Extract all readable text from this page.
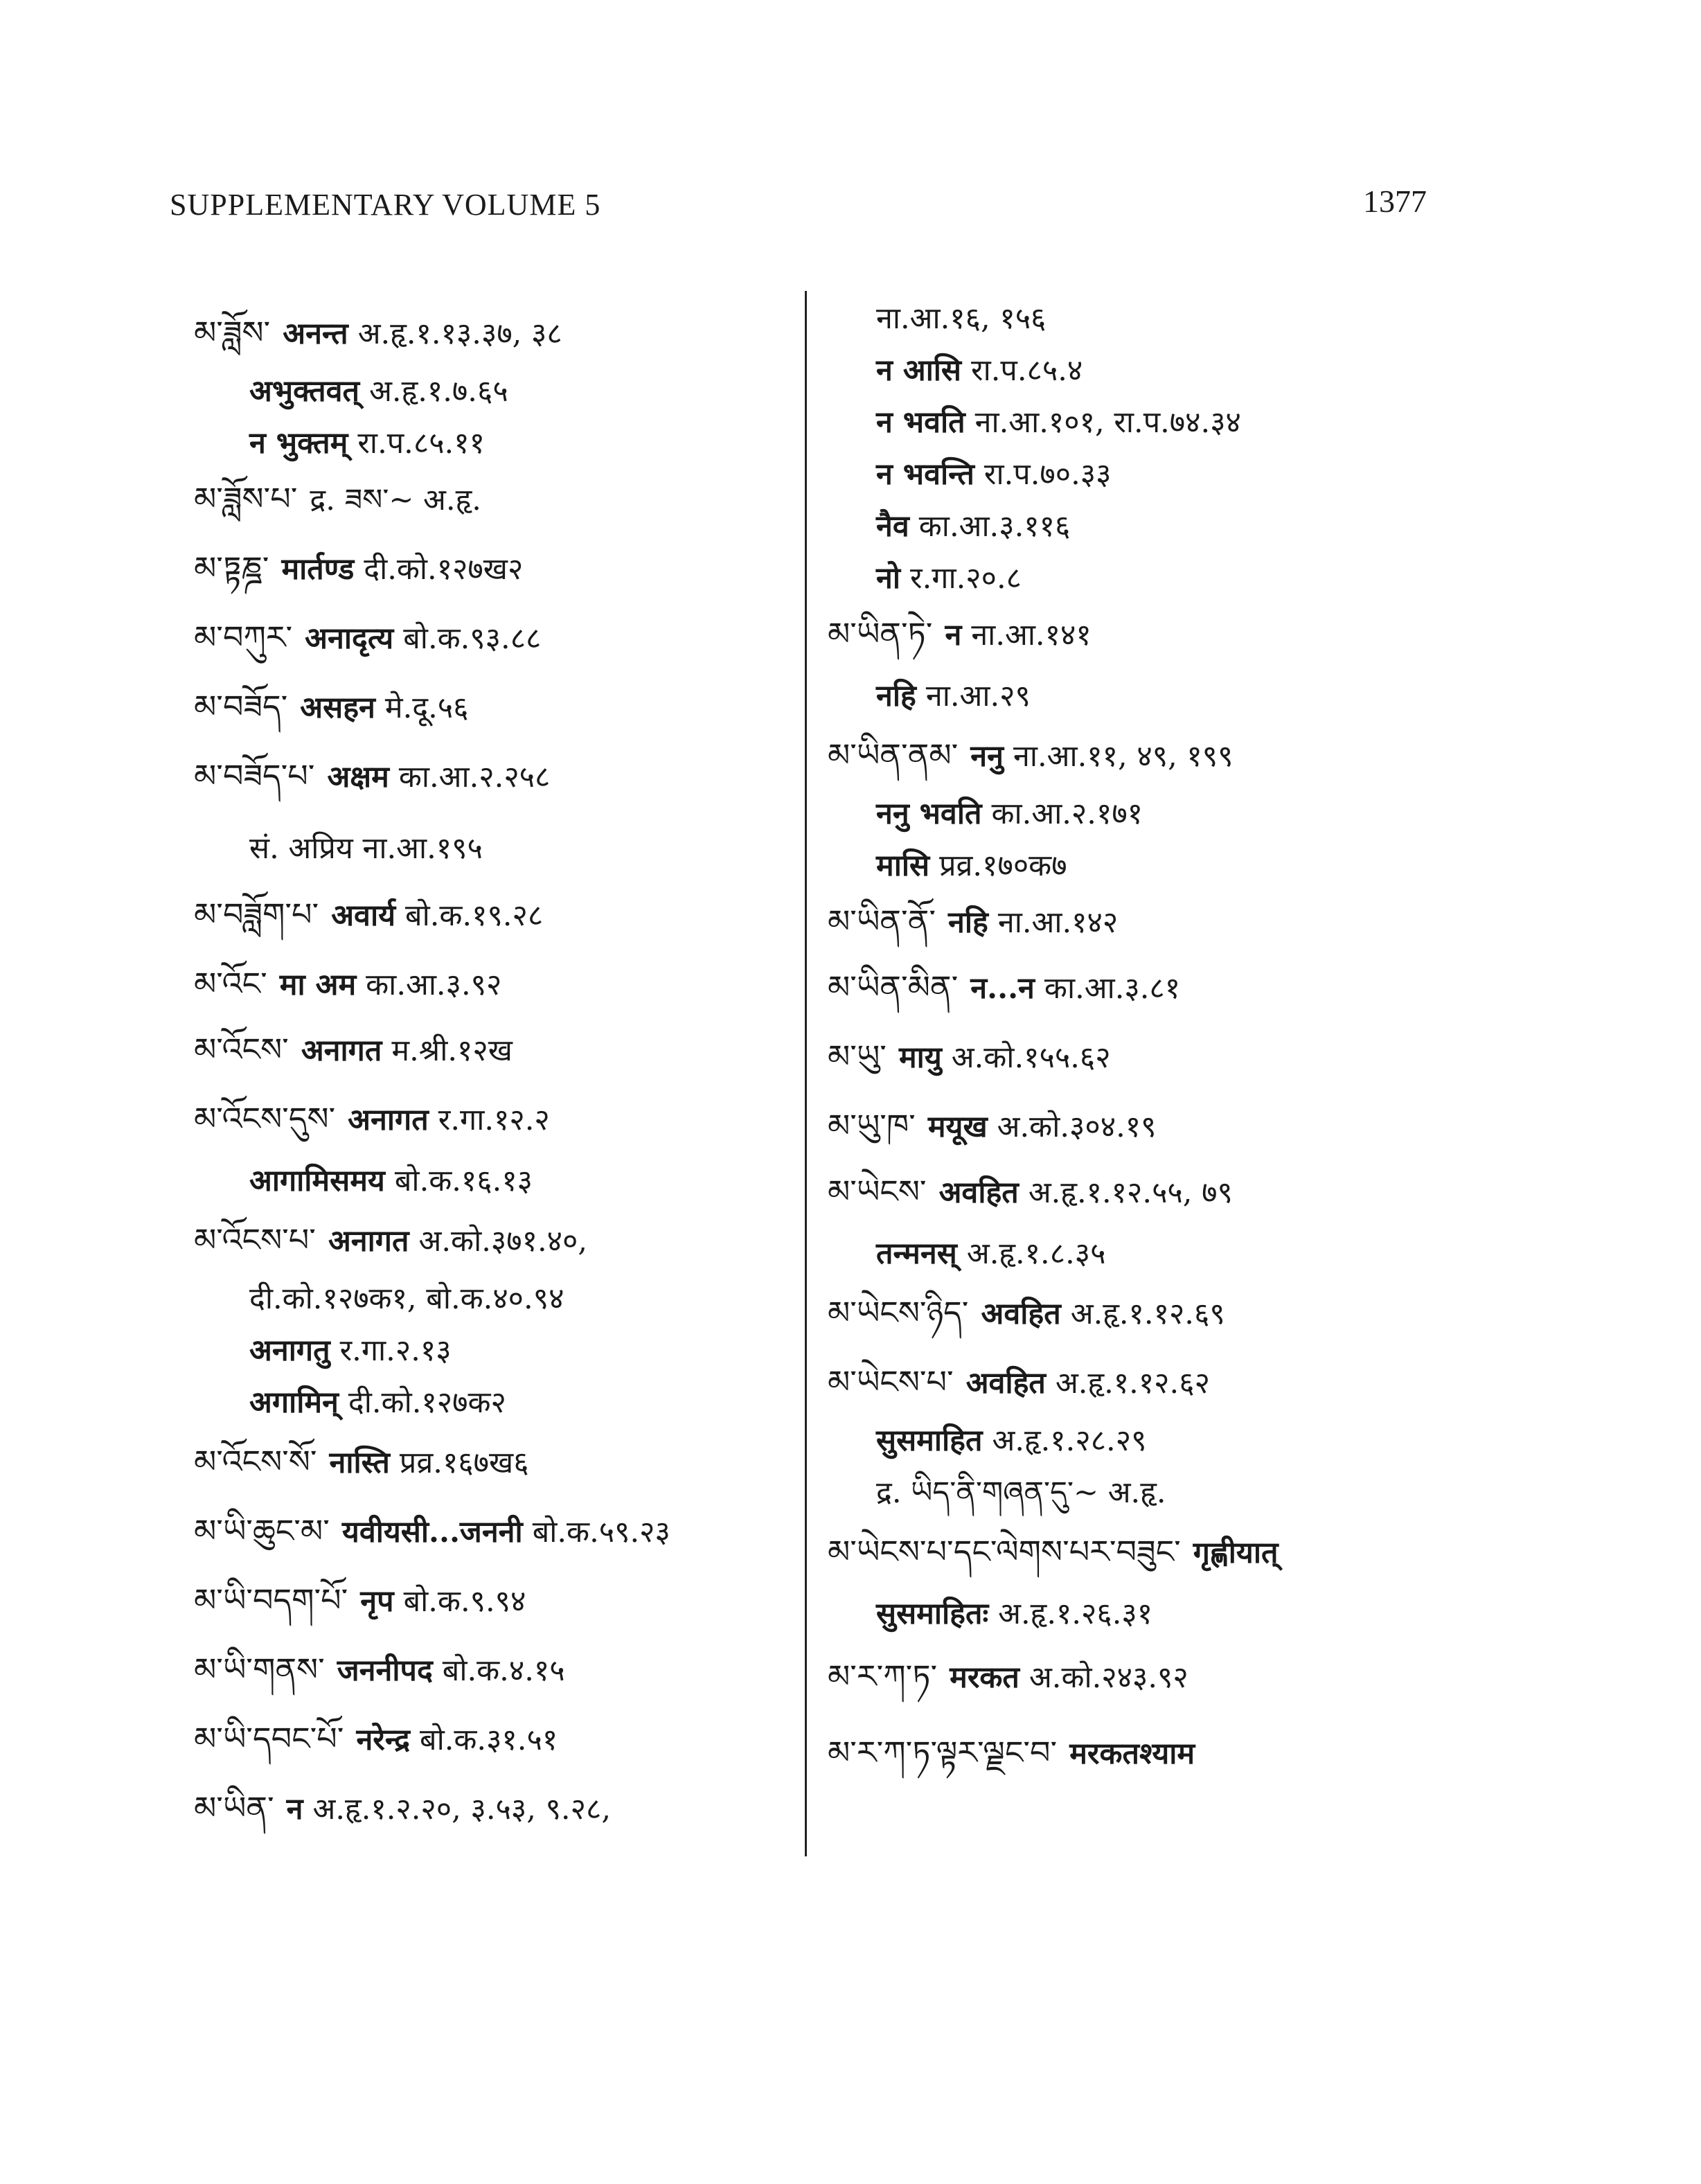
SUPPLEMENTARY VOLUME 5	1377
མ་ཟློས་ अनन्त अ.हृ.१.१३.३७, ३८
अभुक्तवत् अ.हृ.१.७.६५
न भुक्तम् रा.प.८५.११
མ་ཟློས་པ་ द्र. ཟས་~ अ.हृ.
མ་ཏྟཎྜ་ मार्तण्ड दी.को.१२७ख२
མ་བཀུར་ अनादृत्य बो.क.९३.८८
མ་བཟོད་ असहन मे.दू.५६
མ་བཟོད་པ་ अक्षम का.आ.२.२५८
सं. अप्रिय ना.आ.१९५
མ་བཟློག་པ་ अवार्य बो.क.१९.२८
མ་འོང་ मा अम का.आ.३.९२
མ་འོངས་ अनागत म.श्री.१२ख
མ་འོངས་དུས་ अनागत र.गा.१२.२
आगामिसमय बो.क.१६.१३
མ་འོངས་པ་ अनागत अ.को.३७१.४०,
दी.को.१२७क१, बो.क.४०.९४
अनागतु र.गा.२.१३
अगामिन् दी.को.१२७क२
མ་འོངས་སོ་ नास्ति प्रव्र.१६७ख६
མ་ཡི་ཆུང་མ་ यवीयसी...जननी बो.क.५९.२३
མ་ཡི་བདག་པོ་ नृप बो.क.९.९४
མ་ཡི་གནས་ जननीपद बो.क.४.१५
མ་ཡི་དབང་པོ་ नरेन्द्र बो.क.३१.५१
མ་ཡིན་ न अ.हृ.१.२.२०, ३.५३, ९.२८,
ना.आ.१६, १५६
न आसि रा.प.८५.४
न भवति ना.आ.१०१, रा.प.७४.३४
न भवन्ति रा.प.७०.३३
नैव का.आ.३.११६
नो र.गा.२०.८
མ་ཡིན་ཏེ་ न ना.आ.१४१
नहि ना.आ.२९
མ་ཡིན་ནམ་ ननु ना.आ.११, ४९, १९९
ननु भवति का.आ.२.१७१
मासि प्रव्र.१७०क७
མ་ཡིན་ནོ་ नहि ना.आ.१४२
མ་ཡིན་མིན་ न...न का.आ.३.८१
མ་ཡུ་ मायु अ.को.१५५.६२
མ་ཡུ་ཁ་ मयूख अ.को.३०४.१९
མ་ཡེངས་ अवहित अ.हृ.१.१२.५५, ७९
तन्मनस् अ.हृ.१.८.३५
མ་ཡེངས་ཉིད་ अवहित अ.हृ.१.१२.६९
མ་ཡེངས་པ་ अवहित अ.हृ.१.१२.६२
सुसमाहित अ.हृ.१.२८.२९
द्र. ཡིད་ནི་གཞན་དུ་~ अ.हृ.
མ་ཡེངས་པ་དང་ལེགས་པར་བཟུང་ गृह्णीयात्
सुसमाहितः अ.हृ.१.२६.३१
མ་ར་ཀ་ཏ་ मरकत अ.को.२४३.९२
མ་ར་ཀ་ཏ་ལྟར་ལྗང་བ་ मरकतश्याम
